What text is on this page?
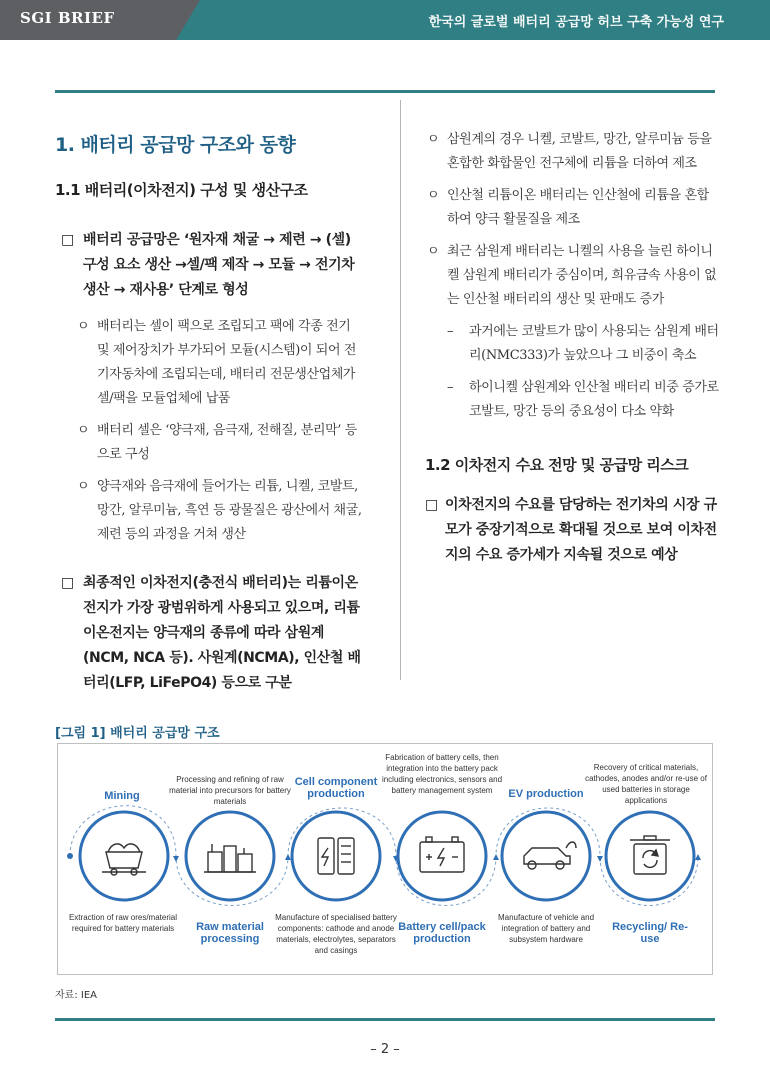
SGI BRIEF	한국의 글로벌 배터리 공급망 허브 구축 가능성 연구
1. 배터리 공급망 구조와 동향
1.1 배터리(이차전지) 구성 및 생산구조
□ 배터리 공급망은 ‘원자재 채굴 → 제련 → (셀) 구성 요소 생산 →셀/팩 제작 → 모듈 → 전기차 생산 → 재사용’ 단계로 형성
ㅇ 배터리는 셀이 팩으로 조립되고 팩에 각종 전기 및 제어장치가 부가되어 모듈(시스템)이 되어 전기자동차에 조립되는데, 배터리 전문생산업체가 셀/팩을 모듈업체에 납품
ㅇ 배터리 셀은 ‘양극재, 음극재, 전해질, 분리막’ 등으로 구성
ㅇ 양극재와 음극재에 들어가는 리튬, 니켈, 코발트, 망간, 알루미늄, 흑연 등 광물질은 광산에서 채굴, 제련 등의 과정을 거쳐 생산
□ 최종적인 이차전지(충전식 배터리)는 리튬이온전지가 가장 광범위하게 사용되고 있으며, 리튬이온전지는 양극재의 종류에 따라 삼원계(NCM, NCA 등). 사원계(NCMA), 인산철 배터리(LFP, LiFePO4) 등으로 구분
ㅇ 삼원계의 경우 니켈, 코발트, 망간, 알루미늄 등을 혼합한 화합물인 전구체에 리튬을 더하여 제조
ㅇ 인산철 리튬이온 배터리는 인산철에 리튬을 혼합하여 양극 활물질을 제조
ㅇ 최근 삼원계 배터리는 니켈의 사용을 늘린 하이니켈 삼원계 배터리가 중심이며, 희유금속 사용이 없는 인산철 배터리의 생산 및 판매도 증가
– 과거에는 코발트가 많이 사용되는 삼원계 배터리(NMC333)가 높았으나 그 비중이 축소
– 하이니켈 삼원계와 인산철 배터리 비중 증가로 코발트, 망간 등의 중요성이 다소 약화
1.2 이차전지 수요 전망 및 공급망 리스크
□ 이차전지의 수요를 담당하는 전기차의 시장 규모가 중장기적으로 확대될 것으로 보여 이차전지의 수요 증가세가 지속될 것으로 예상
[그림 1] 배터리 공급망 구조
Mining
Extraction of raw ores/material required for battery materials
Processing and refining of raw material into precursors for battery materials
Raw material processing
Cell component production
Manufacture of specialised battery components: cathode and anode materials, electrolytes, separators and casings
Fabrication of battery cells, then integration into the battery pack including electronics, sensors and battery management system
Battery cell/pack production
EV production
Manufacture of vehicle and integration of battery and subsystem hardware
Recovery of critical materials, cathodes, anodes and/or re-use of used batteries in storage applications
Recycling/ Re-use
자료: IEA
– 2 –
